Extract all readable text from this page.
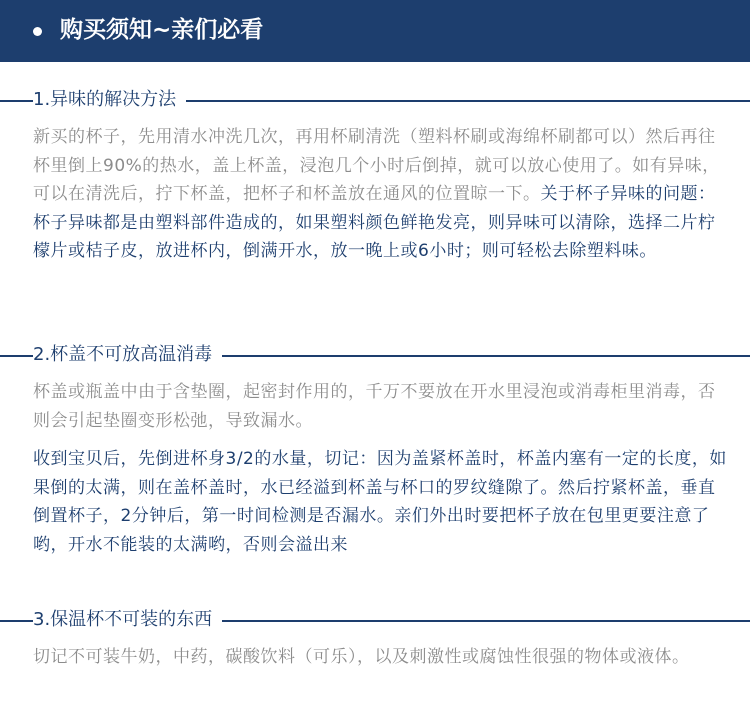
购买须知~亲们必看
1.异味的解决方法

新买的杯子，先用清水冲洗几次，再用杯刷清洗（塑料杯刷或海绵杯刷都可以）然后再往杯里倒上90%的热水，盖上杯盖，浸泡几个小时后倒掉，就可以放心使用了。如有异味，可以在清洗后，拧下杯盖，把杯子和杯盖放在通风的位置晾一下。关于杯子异味的问题：杯子异味都是由塑料部件造成的，如果塑料颜色鲜艳发亮，则异味可以清除，选择二片柠檬片或桔子皮，放进杯内，倒满开水，放一晚上或6小时；则可轻松去除塑料味。

2.杯盖不可放高温消毒

杯盖或瓶盖中由于含垫圈，起密封作用的，千万不要放在开水里浸泡或消毒柜里消毒，否则会引起垫圈变形松弛，导致漏水。

收到宝贝后，先倒进杯身3/2的水量，切记：因为盖紧杯盖时，杯盖内塞有一定的长度，如果倒的太满，则在盖杯盖时，水已经溢到杯盖与杯口的罗纹缝隙了。然后拧紧杯盖，垂直倒置杯子，2分钟后，第一时间检测是否漏水。亲们外出时要把杯子放在包里更要注意了哟，开水不能装的太满哟，否则会溢出来

3.保温杯不可装的东西

切记不可装牛奶，中药，碳酸饮料（可乐），以及刺激性或腐蚀性很强的物体或液体。
